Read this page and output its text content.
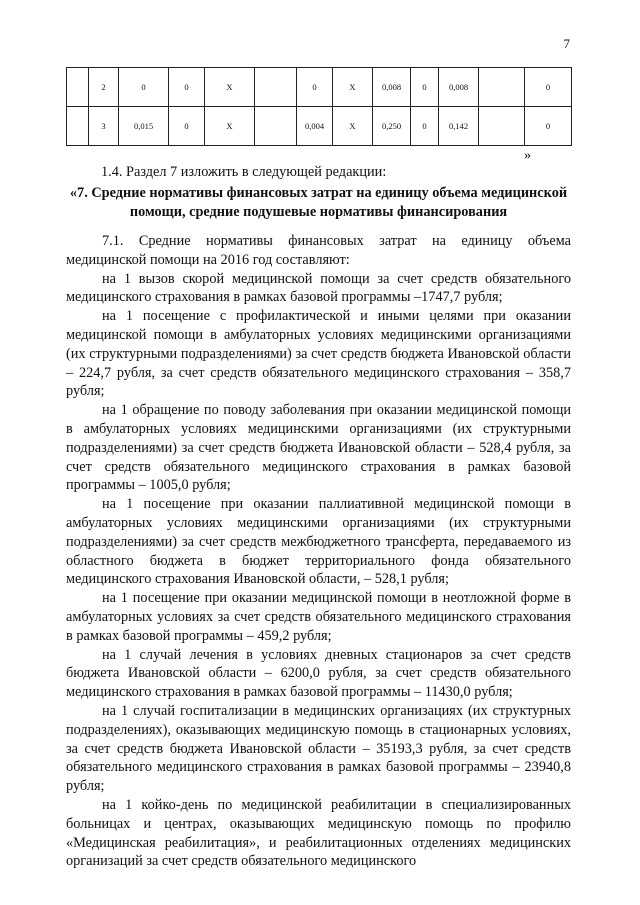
7
	2	0	0	X		0	X	0,008	0	0,008		0
	3	0,015	0	X		0,004	X	0,250	0	0,142		0
»
1.4. Раздел 7 изложить в следующей редакции:
«7. Средние нормативы финансовых затрат на единицу объема медицинской помощи, средние подушевые нормативы финансирования

7.1. Средние нормативы финансовых затрат на единицу объема медицинской помощи на 2016 год составляют:

на 1 вызов скорой медицинской помощи за счет средств обязательного медицинского страхования в рамках базовой программы –1747,7 рубля;

на 1 посещение с профилактической и иными целями при оказании медицинской помощи в амбулаторных условиях медицинскими организациями (их структурными подразделениями) за счет средств бюджета Ивановской области – 224,7 рубля, за счет средств обязательного медицинского страхования – 358,7 рубля;

на 1 обращение по поводу заболевания при оказании медицинской помощи в амбулаторных условиях медицинскими организациями (их структурными подразделениями) за счет средств бюджета Ивановской области – 528,4 рубля, за счет средств обязательного медицинского страхования в рамках базовой программы – 1005,0 рубля;

на 1 посещение при оказании паллиативной медицинской помощи в амбулаторных условиях медицинскими организациями (их структурными подразделениями) за счет средств межбюджетного трансферта, передаваемого из областного бюджета в бюджет территориального фонда обязательного медицинского страхования Ивановской области, – 528,1 рубля;

на 1 посещение при оказании медицинской помощи в неотложной форме в амбулаторных условиях за счет средств обязательного медицинского страхования в рамках базовой программы – 459,2 рубля;

на 1 случай лечения в условиях дневных стационаров за счет средств бюджета Ивановской области – 6200,0 рубля, за счет средств обязательного медицинского страхования в рамках базовой программы – 11430,0 рубля;

на 1 случай госпитализации в медицинских организациях (их структурных подразделениях), оказывающих медицинскую помощь в стационарных условиях, за счет средств бюджета Ивановской области – 35193,3 рубля, за счет средств обязательного медицинского страхования в рамках базовой программы – 23940,8 рубля;

на 1 койко-день по медицинской реабилитации в специализированных больницах и центрах, оказывающих медицинскую помощь по профилю «Медицинская реабилитация», и реабилитационных отделениях медицинских организаций за счет средств обязательного медицинского
